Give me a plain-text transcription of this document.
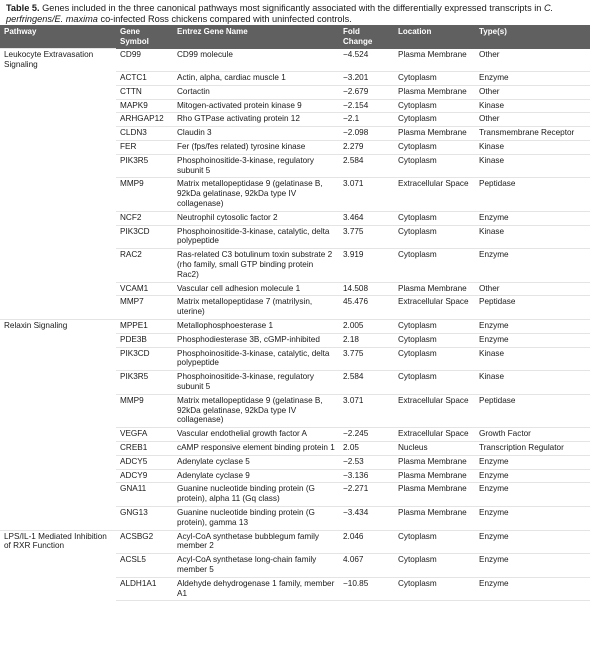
Table 5. Genes included in the three canonical pathways most significantly associated with the differentially expressed transcripts in C. perfringens/E. maxima co-infected Ross chickens compared with uninfected controls.
Pathway	Gene Symbol	Entrez Gene Name	Fold Change	Location	Type(s)
Leukocyte Extravasation Signaling	CD99	CD99 molecule	−4.524	Plasma Membrane	Other
	ACTC1	Actin, alpha, cardiac muscle 1	−3.201	Cytoplasm	Enzyme
	CTTN	Cortactin	−2.679	Plasma Membrane	Other
	MAPK9	Mitogen-activated protein kinase 9	−2.154	Cytoplasm	Kinase
	ARHGAP12	Rho GTPase activating protein 12	−2.1	Cytoplasm	Other
	CLDN3	Claudin 3	−2.098	Plasma Membrane	Transmembrane Receptor
	FER	Fer (fps/fes related) tyrosine kinase	2.279	Cytoplasm	Kinase
	PIK3R5	Phosphoinositide-3-kinase, regulatory subunit 5	2.584	Cytoplasm	Kinase
	MMP9	Matrix metallopeptidase 9 (gelatinase B, 92kDa gelatinase, 92kDa type IV collagenase)	3.071	Extracellular Space	Peptidase
	NCF2	Neutrophil cytosolic factor 2	3.464	Cytoplasm	Enzyme
	PIK3CD	Phosphoinositide-3-kinase, catalytic, delta polypeptide	3.775	Cytoplasm	Kinase
	RAC2	Ras-related C3 botulinum toxin substrate 2 (rho family, small GTP binding protein Rac2)	3.919	Cytoplasm	Enzyme
	VCAM1	Vascular cell adhesion molecule 1	14.508	Plasma Membrane	Other
	MMP7	Matrix metallopeptidase 7 (matrilysin, uterine)	45.476	Extracellular Space	Peptidase
Relaxin Signaling	MPPE1	Metallophosphoesterase 1	2.005	Cytoplasm	Enzyme
	PDE3B	Phosphodiesterase 3B, cGMP-inhibited	2.18	Cytoplasm	Enzyme
	PIK3CD	Phosphoinositide-3-kinase, catalytic, delta polypeptide	3.775	Cytoplasm	Kinase
	PIK3R5	Phosphoinositide-3-kinase, regulatory subunit 5	2.584	Cytoplasm	Kinase
	MMP9	Matrix metallopeptidase 9 (gelatinase B, 92kDa gelatinase, 92kDa type IV collagenase)	3.071	Extracellular Space	Peptidase
	VEGFA	Vascular endothelial growth factor A	−2.245	Extracellular Space	Growth Factor
	CREB1	cAMP responsive element binding protein 1	2.05	Nucleus	Transcription Regulator
	ADCY5	Adenylate cyclase 5	−2.53	Plasma Membrane	Enzyme
	ADCY9	Adenylate cyclase 9	−3.136	Plasma Membrane	Enzyme
	GNA11	Guanine nucleotide binding protein (G protein), alpha 11 (Gq class)	−2.271	Plasma Membrane	Enzyme
	GNG13	Guanine nucleotide binding protein (G protein), gamma 13	−3.434	Plasma Membrane	Enzyme
LPS/IL-1 Mediated Inhibition of RXR Function	ACSBG2	Acyl-CoA synthetase bubblegum family member 2	2.046	Cytoplasm	Enzyme
	ACSL5	Acyl-CoA synthetase long-chain family member 5	4.067	Cytoplasm	Enzyme
	ALDH1A1	Aldehyde dehydrogenase 1 family, member A1	−10.85	Cytoplasm	Enzyme
